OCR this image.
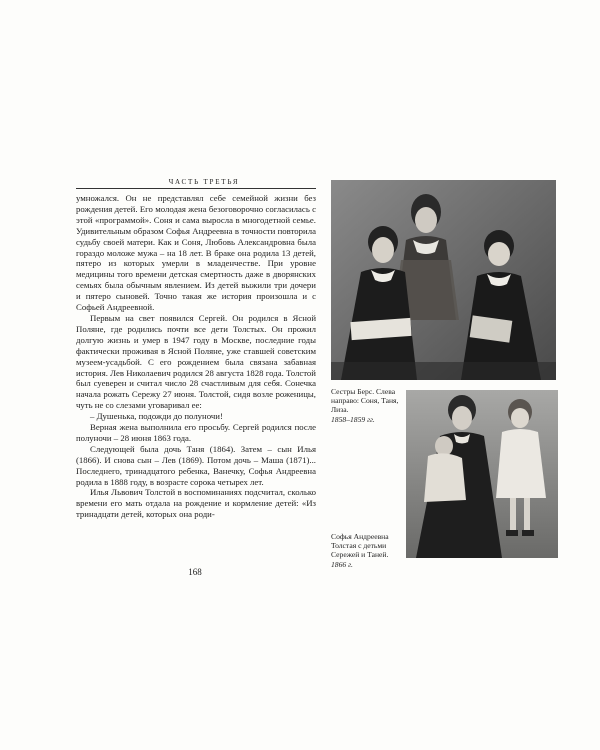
ЧАСТЬ ТРЕТЬЯ

умножался. Он не представлял себе семейной жизни без рождения детей. Его молодая жена безоговорочно согласилась с этой «программой». Соня и сама выросла в многодетной семье. Удивительным образом Софья Андреевна в точности повторила судьбу своей матери. Как и Соня, Любовь Александровна была гораздо моложе мужа – на 18 лет. В браке она родила 13 детей, пятеро из которых умерли в младенчестве. При уровне медицины того времени детская смертность даже в дворянских семьях была обычным явлением. Из детей выжили три дочери и пятеро сыновей. Точно такая же история произошла и с Софьей Андреевной.

Первым на свет появился Сергей. Он родился в Ясной Поляне, где родились почти все дети Толстых. Он прожил долгую жизнь и умер в 1947 году в Москве, последние годы фактически проживая в Ясной Поляне, уже ставшей советским музеем-усадьбой. С его рождением была связана забавная история. Лев Николаевич родился 28 августа 1828 года. Толстой был суеверен и считал число 28 счастливым для себя. Сонечка начала рожать Сережу 27 июня. Толстой, сидя возле роженицы, чуть не со слезами уговаривал ее:

– Душенька, подожди до полуночи!

Верная жена выполнила его просьбу. Сергей родился после полуночи – 28 июня 1863 года.

Следующей была дочь Таня (1864). Затем – сын Илья (1866). И снова сын – Лев (1869). Потом дочь – Маша (1871)... Последнего, тринадцатого ребенка, Ванечку, Софья Андреевна родила в 1888 году, в возрасте сорока четырех лет.

Илья Львович Толстой в воспоминаниях подсчитал, сколько времени его мать отдала на рождение и кормление детей: «Из тринадцати детей, которых она роди-

168
Сестры Берс. Слева направо: Соня, Таня, Лиза.
1858–1859 гг.
Софья Андреевна Толстая с детьми Сережей и Таней.
1866 г.
